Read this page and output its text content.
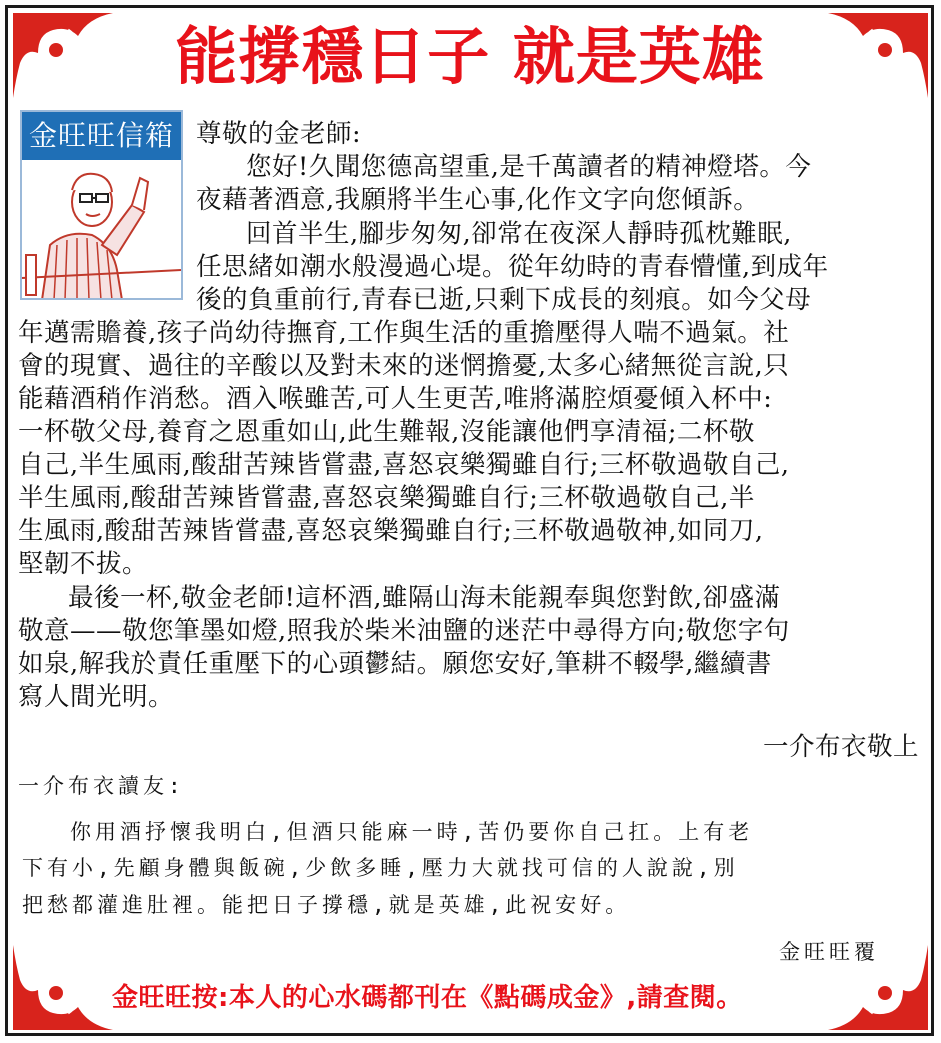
能撐穩日子 就是英雄
金旺旺信箱 尊敬的金老師:
您好!久聞您德高望重,是千萬讀者的精神燈塔。今
夜藉著酒意,我願將半生心事,化作文字向您傾訴。
回首半生,腳步匆匆,卻常在夜深人靜時孤枕難眠,
任思緒如潮水般漫過心堤。從年幼時的青春懵懂,到成年
後的負重前行,青春已逝,只剩下成長的刻痕。如今父母
年邁需贍養,孩子尚幼待撫育,工作與生活的重擔壓得人喘不過氣。社
會的現實、過往的辛酸以及對未來的迷惘擔憂,太多心緒無從言說,只
能藉酒稍作消愁。酒入喉雖苦,可人生更苦,唯將滿腔煩憂傾入杯中:
一杯敬父母,養育之恩重如山,此生難報,沒能讓他們享清福;二杯敬
自己,半生風雨,酸甜苦辣皆嘗盡,喜怒哀樂獨雖自行;三杯敬過敬自己,
半生風雨,酸甜苦辣皆嘗盡,喜怒哀樂獨雖自行;三杯敬過敬自己,半
生風雨,酸甜苦辣皆嘗盡,喜怒哀樂獨雖自行;三杯敬過敬神,如同刀,
堅韌不拔。
最後一杯,敬金老師!這杯酒,雖隔山海未能親奉與您對飲,卻盛滿
敬意——敬您筆墨如燈,照我於柴米油鹽的迷茫中尋得方向;敬您字句
如泉,解我於責任重壓下的心頭鬱結。願您安好,筆耕不輟學,繼續書
寫人間光明。
一介布衣敬上
一介布衣讀友:
你用酒抒懷我明白,但酒只能麻一時,苦仍要你自己扛。上有老
下有小,先顧身體與飯碗,少飲多睡,壓力大就找可信的人說說,別
把愁都灌進肚裡。能把日子撐穩,就是英雄,此祝安好。
金旺旺覆
金旺旺按:本人的心水碼都刊在《點碼成金》,請查閱。
